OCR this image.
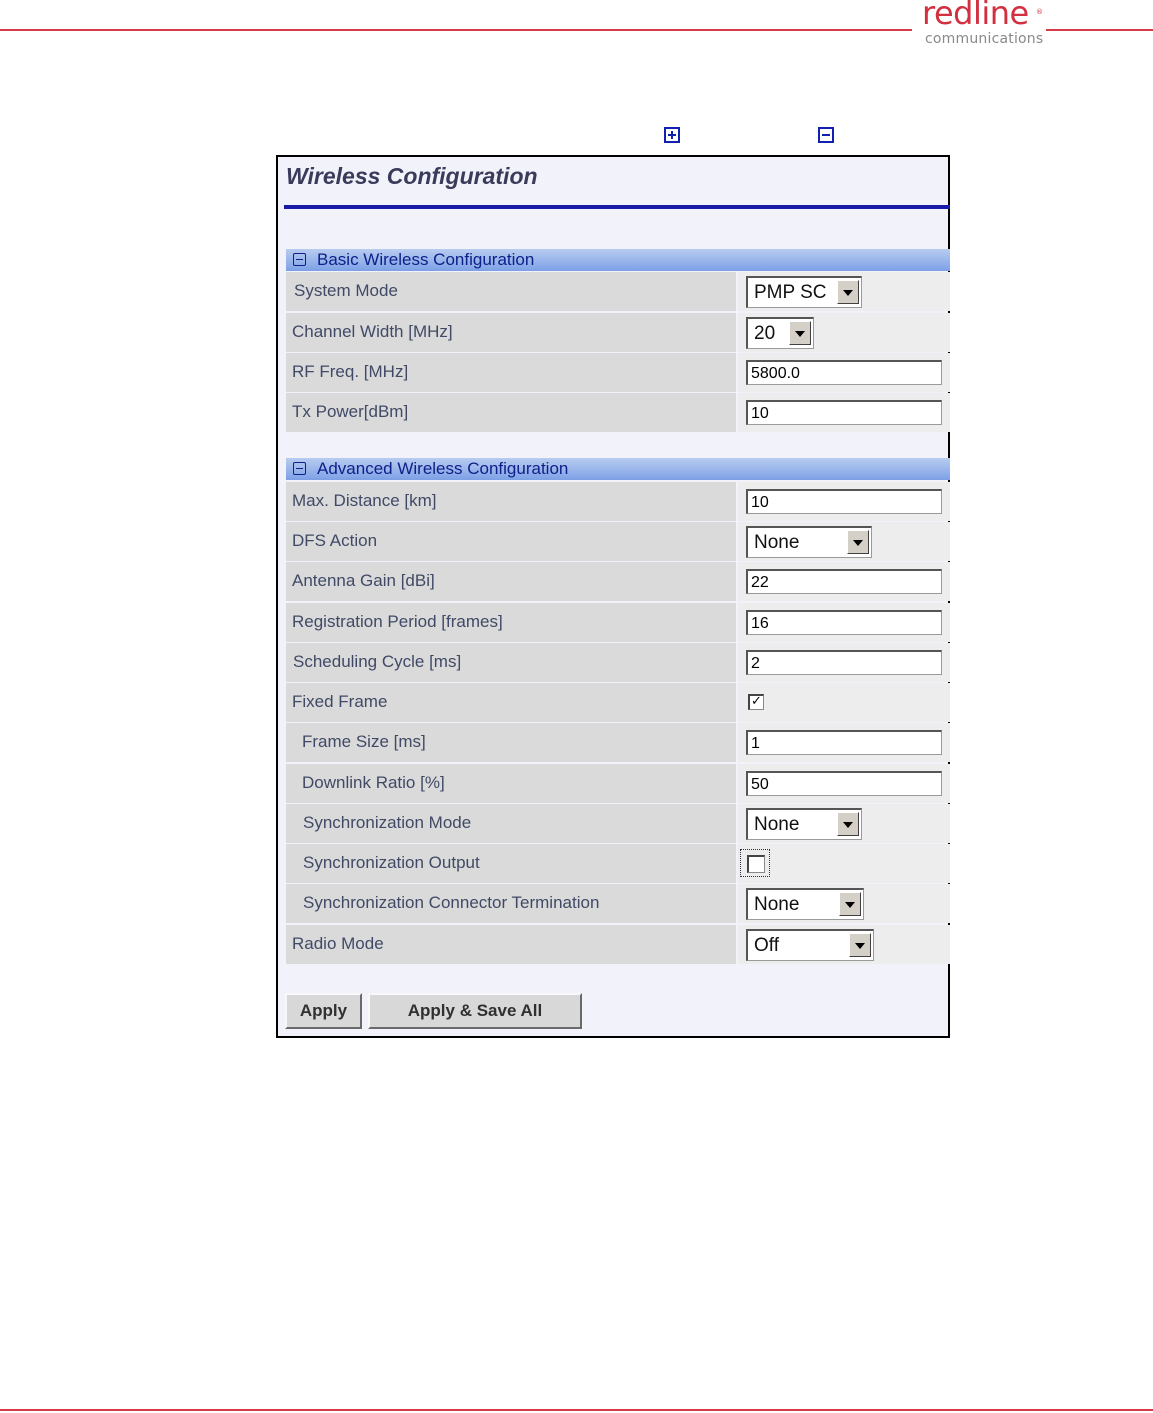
redline ®
communications
Wireless Configuration
Basic Wireless Configuration
System Mode	PMP SC
Channel Width [MHz]	20
RF Freq. [MHz]	5800.0
Tx Power[dBm]	10
Advanced Wireless Configuration
Max. Distance [km]	10
DFS Action	None
Antenna Gain [dBi]	22
Registration Period [frames]	16
Scheduling Cycle [ms]	2
Fixed Frame	✓
Frame Size [ms]	1
Downlink Ratio [%]	50
Synchronization Mode	None
Synchronization Output
Synchronization Connector Termination	None
Radio Mode	Off
Apply	Apply & Save All
